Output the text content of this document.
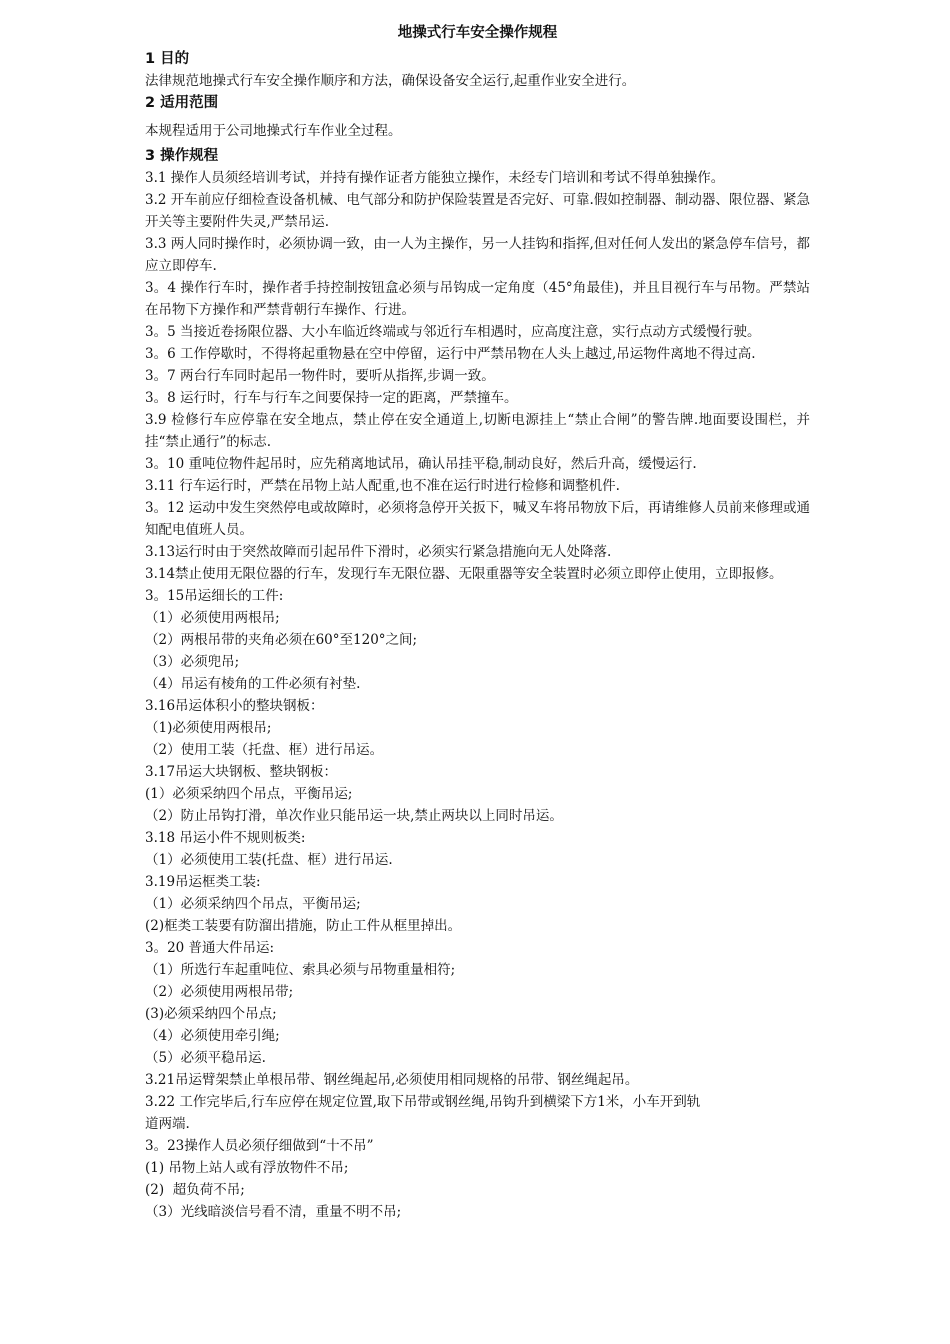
地操式行车安全操作规程
1 目的
法律规范地操式行车安全操作顺序和方法，确保设备安全运行,起重作业安全进行。
2 适用范围
本规程适用于公司地操式行车作业全过程。
3 操作规程
3.1 操作人员须经培训考试，并持有操作证者方能独立操作，未经专门培训和考试不得单独操作。
3.2 开车前应仔细检查设备机械、电气部分和防护保险装置是否完好、可靠.假如控制器、制动器、限位器、紧急开关等主要附件失灵,严禁吊运.
3.3 两人同时操作时，必须协调一致，由一人为主操作，另一人挂钩和指挥,但对任何人发出的紧急停车信号，都应立即停车.
3。4 操作行车时，操作者手持控制按钮盒必须与吊钩成一定角度（45°角最佳)，并且目视行车与吊物。严禁站在吊物下方操作和严禁背朝行车操作、行进。
3。5 当接近卷扬限位器、大小车临近终端或与邻近行车相遇时，应高度注意，实行点动方式缓慢行驶。
3。6 工作停歇时，不得将起重物悬在空中停留，运行中严禁吊物在人头上越过,吊运物件离地不得过高.
3。7 两台行车同时起吊一物件时，要听从指挥,步调一致。
3。8 运行时，行车与行车之间要保持一定的距离，严禁撞车。
3.9 检修行车应停靠在安全地点，禁止停在安全通道上,切断电源挂上“禁止合闸”的警告牌.地面要设围栏，并挂“禁止通行”的标志.
3。10 重吨位物件起吊时，应先稍离地试吊，确认吊挂平稳,制动良好，然后升高，缓慢运行.
3.11 行车运行时，严禁在吊物上站人配重,也不准在运行时进行检修和调整机件.
3。12 运动中发生突然停电或故障时，必须将急停开关扳下，喊叉车将吊物放下后，再请维修人员前来修理或通知配电值班人员。
3.13运行时由于突然故障而引起吊件下滑时，必须实行紧急措施向无人处降落.
3.14禁止使用无限位器的行车，发现行车无限位器、无限重器等安全装置时必须立即停止使用，立即报修。
3。15吊运细长的工件:
（1）必须使用两根吊;
（2）两根吊带的夹角必须在60°至120°之间;
（3）必须兜吊;
（4）吊运有棱角的工件必须有衬垫.
3.16吊运体积小的整块钢板：
（1)必须使用两根吊;
（2）使用工装（托盘、框）进行吊运。
3.17吊运大块钢板、整块钢板：
(1）必须采纳四个吊点，平衡吊运;
（2）防止吊钩打滑，单次作业只能吊运一块,禁止两块以上同时吊运。
3.18 吊运小件不规则板类:
（1）必须使用工装(托盘、框）进行吊运.
3.19吊运框类工装:
（1）必须采纳四个吊点，平衡吊运;
(2)框类工装要有防溜出措施，防止工件从框里掉出。
3。20 普通大件吊运:
（1）所选行车起重吨位、索具必须与吊物重量相符;
（2）必须使用两根吊带;
(3)必须采纳四个吊点;
（4）必须使用牵引绳;
（5）必须平稳吊运.
3.21吊运臂架禁止单根吊带、钢丝绳起吊,必须使用相同规格的吊带、钢丝绳起吊。
3.22 工作完毕后,行车应停在规定位置,取下吊带或钢丝绳,吊钩升到横梁下方1米，小车开到轨
道两端.
3。23操作人员必须仔细做到“十不吊”
(1) 吊物上站人或有浮放物件不吊;
(2)  超负荷不吊;
（3）光线暗淡信号看不清，重量不明不吊;
